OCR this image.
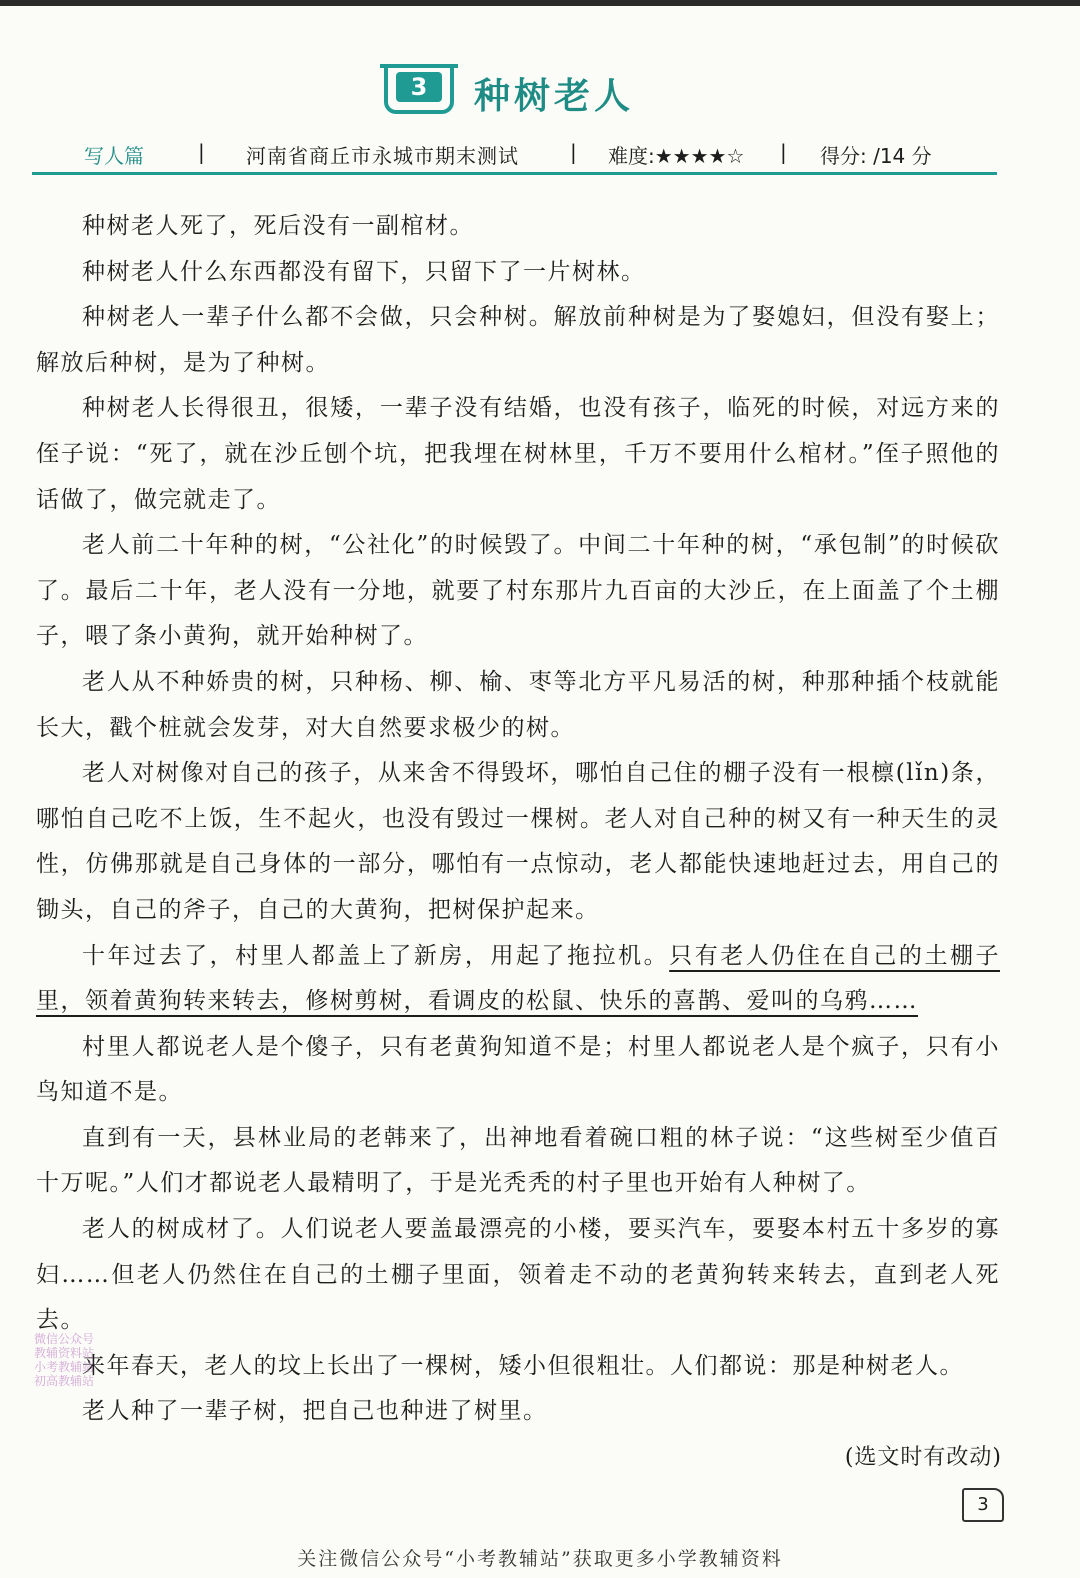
3	种树老人
写人篇	| 河南省商丘市永城市期末测试	| 难度:★★★★☆ | 得分: /14 分

种树老人死了，死后没有一副棺材。

种树老人什么东西都没有留下，只留下了一片树林。

种树老人一辈子什么都不会做，只会种树。解放前种树是为了娶媳妇，但没有娶上；解放后种树，是为了种树。

种树老人长得很丑，很矮，一辈子没有结婚，也没有孩子，临死的时候，对远方来的侄子说：“死了，就在沙丘刨个坑，把我埋在树林里，千万不要用什么棺材。”侄子照他的话做了，做完就走了。

老人前二十年种的树，“公社化”的时候毁了。中间二十年种的树，“承包制”的时候砍了。最后二十年，老人没有一分地，就要了村东那片九百亩的大沙丘，在上面盖了个土棚子，喂了条小黄狗，就开始种树了。

老人从不种娇贵的树，只种杨、柳、榆、枣等北方平凡易活的树，种那种插个枝就能长大，戳个桩就会发芽，对大自然要求极少的树。

老人对树像对自己的孩子，从来舍不得毁坏，哪怕自己住的棚子没有一根檩(lǐn)条，哪怕自己吃不上饭，生不起火，也没有毁过一棵树。老人对自己种的树又有一种天生的灵性，仿佛那就是自己身体的一部分，哪怕有一点惊动，老人都能快速地赶过去，用自己的锄头，自己的斧子，自己的大黄狗，把树保护起来。

十年过去了，村里人都盖上了新房，用起了拖拉机。只有老人仍住在自己的土棚子里，领着黄狗转来转去，修树剪树，看调皮的松鼠、快乐的喜鹊、爱叫的乌鸦……

村里人都说老人是个傻子，只有老黄狗知道不是；村里人都说老人是个疯子，只有小鸟知道不是。

直到有一天，县林业局的老韩来了，出神地看着碗口粗的林子说：“这些树至少值百十万呢。”人们才都说老人最精明了，于是光秃秃的村子里也开始有人种树了。

老人的树成材了。人们说老人要盖最漂亮的小楼，要买汽车，要娶本村五十多岁的寡妇……但老人仍然住在自己的土棚子里面，领着走不动的老黄狗转来转去，直到老人死去。

来年春天，老人的坟上长出了一棵树，矮小但很粗壮。人们都说：那是种树老人。

老人种了一辈子树，把自己也种进了树里。

微信公众号
教辅资料站
小考教辅站
初高教辅站
(选文时有改动)
3
关注微信公众号“小考教辅站”获取更多小学教辅资料
